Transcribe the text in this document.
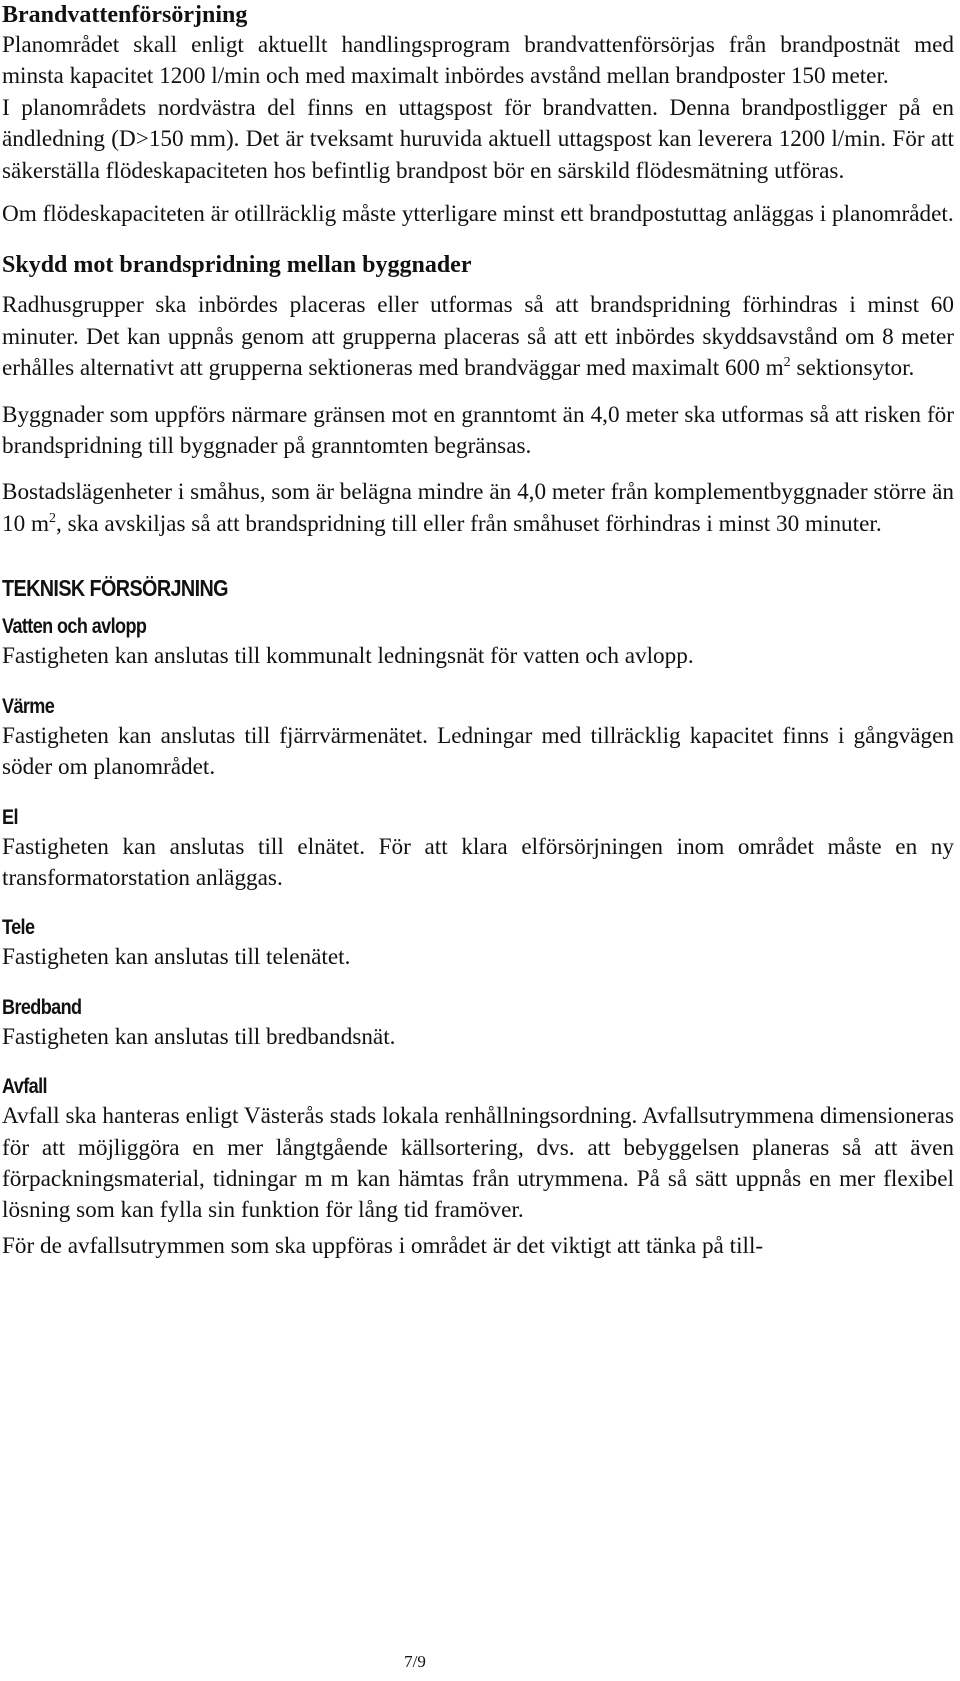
Brandvattenförsörjning

Planområdet skall enligt aktuellt handlingsprogram brandvattenförsörjas från brandpostnät med minsta kapacitet 1200 l/min och med maximalt inbördes avstånd mellan brandposter 150 meter.

I planområdets nordvästra del finns en uttagspost för brandvatten. Denna brandpostligger på en ändledning (D>150 mm). Det är tveksamt huruvida aktuell uttagspost kan leverera 1200 l/min. För att säkerställa flödeskapaciteten hos befintlig brandpost bör en särskild flödesmätning utföras.

Om flödeskapaciteten är otillräcklig måste ytterligare minst ett brandpostuttag anläggas i planområdet.

Skydd mot brandspridning mellan byggnader

Radhusgrupper ska inbördes placeras eller utformas så att brandspridning förhindras i minst 60 minuter. Det kan uppnås genom att grupperna placeras så att ett inbördes skyddsavstånd om 8 meter erhålles alternativt att grupperna sektioneras med brandväggar med maximalt 600 $m^2$ sektionsytor.

Byggnader som uppförs närmare gränsen mot en granntomt än 4,0 meter ska utformas så att risken för brandspridning till byggnader på granntomten begränsas.

Bostadslägenheter i småhus, som är belägna mindre än 4,0 meter från komplementbyggnader större än 10 $m^2$, ska avskiljas så att brandspridning till eller från småhuset förhindras i minst 30 minuter.

TEKNISK FÖRSÖRJNING
Vatten och avlopp

Fastigheten kan anslutas till kommunalt ledningsnät för vatten och avlopp.

Värme

Fastigheten kan anslutas till fjärrvärmenätet. Ledningar med tillräcklig kapacitet finns i gångvägen söder om planområdet.

El

Fastigheten kan anslutas till elnätet. För att klara elförsörjningen inom området måste en ny transformatorstation anläggas.

Tele

Fastigheten kan anslutas till telenätet.

Bredband

Fastigheten kan anslutas till bredbandsnät.

Avfall

Avfall ska hanteras enligt Västerås stads lokala renhållningsordning. Avfallsutrymmena dimensioneras för att möjliggöra en mer långtgående källsortering, dvs. att bebyggelsen planeras så att även förpackningsmaterial, tidningar m m kan hämtas från utrymmena. På så sätt uppnås en mer flexibel lösning som kan fylla sin funktion för lång tid framöver.

För de avfallsutrymmen som ska uppföras i området är det viktigt att tänka på till-

7/9
